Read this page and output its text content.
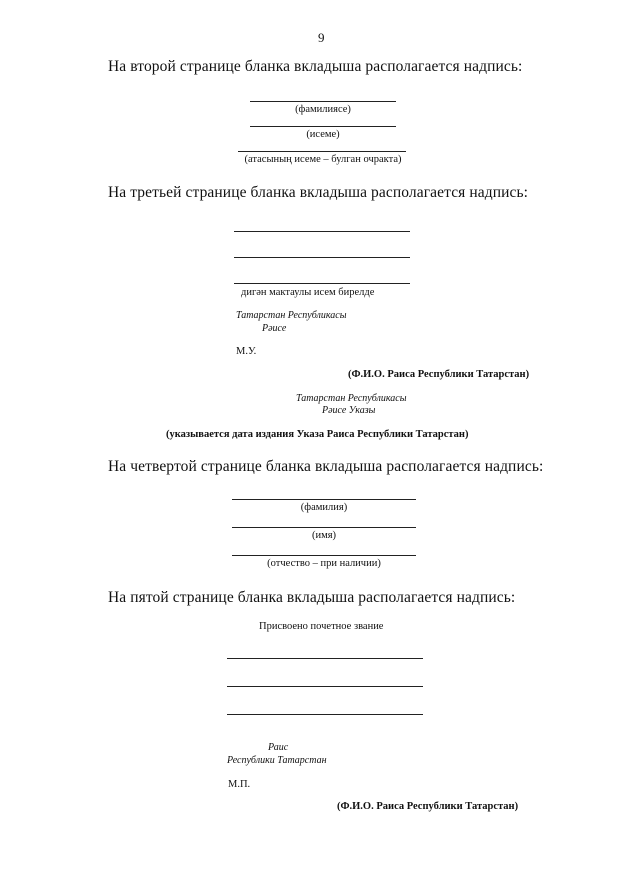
9
На второй странице бланка вкладыша располагается надпись:
(фамилиясе)
(исеме)
(атасының исеме – булган очракта)
На третьей странице бланка вкладыша располагается надпись:
дигән мактаулы исем бирелде
Татарстан Республикасы
Рәисе
М.У.
(Ф.И.О. Раиса Республики Татарстан)
Татарстан Республикасы
Рәисе Указы
(указывается дата издания Указа Раиса Республики Татарстан)
На четвертой странице бланка вкладыша располагается надпись:
(фамилия)
(имя)
(отчество – при наличии)
На пятой странице бланка вкладыша располагается надпись:
Присвоено почетное звание
Раис
Республики Татарстан
М.П.
(Ф.И.О. Раиса Республики Татарстан)
